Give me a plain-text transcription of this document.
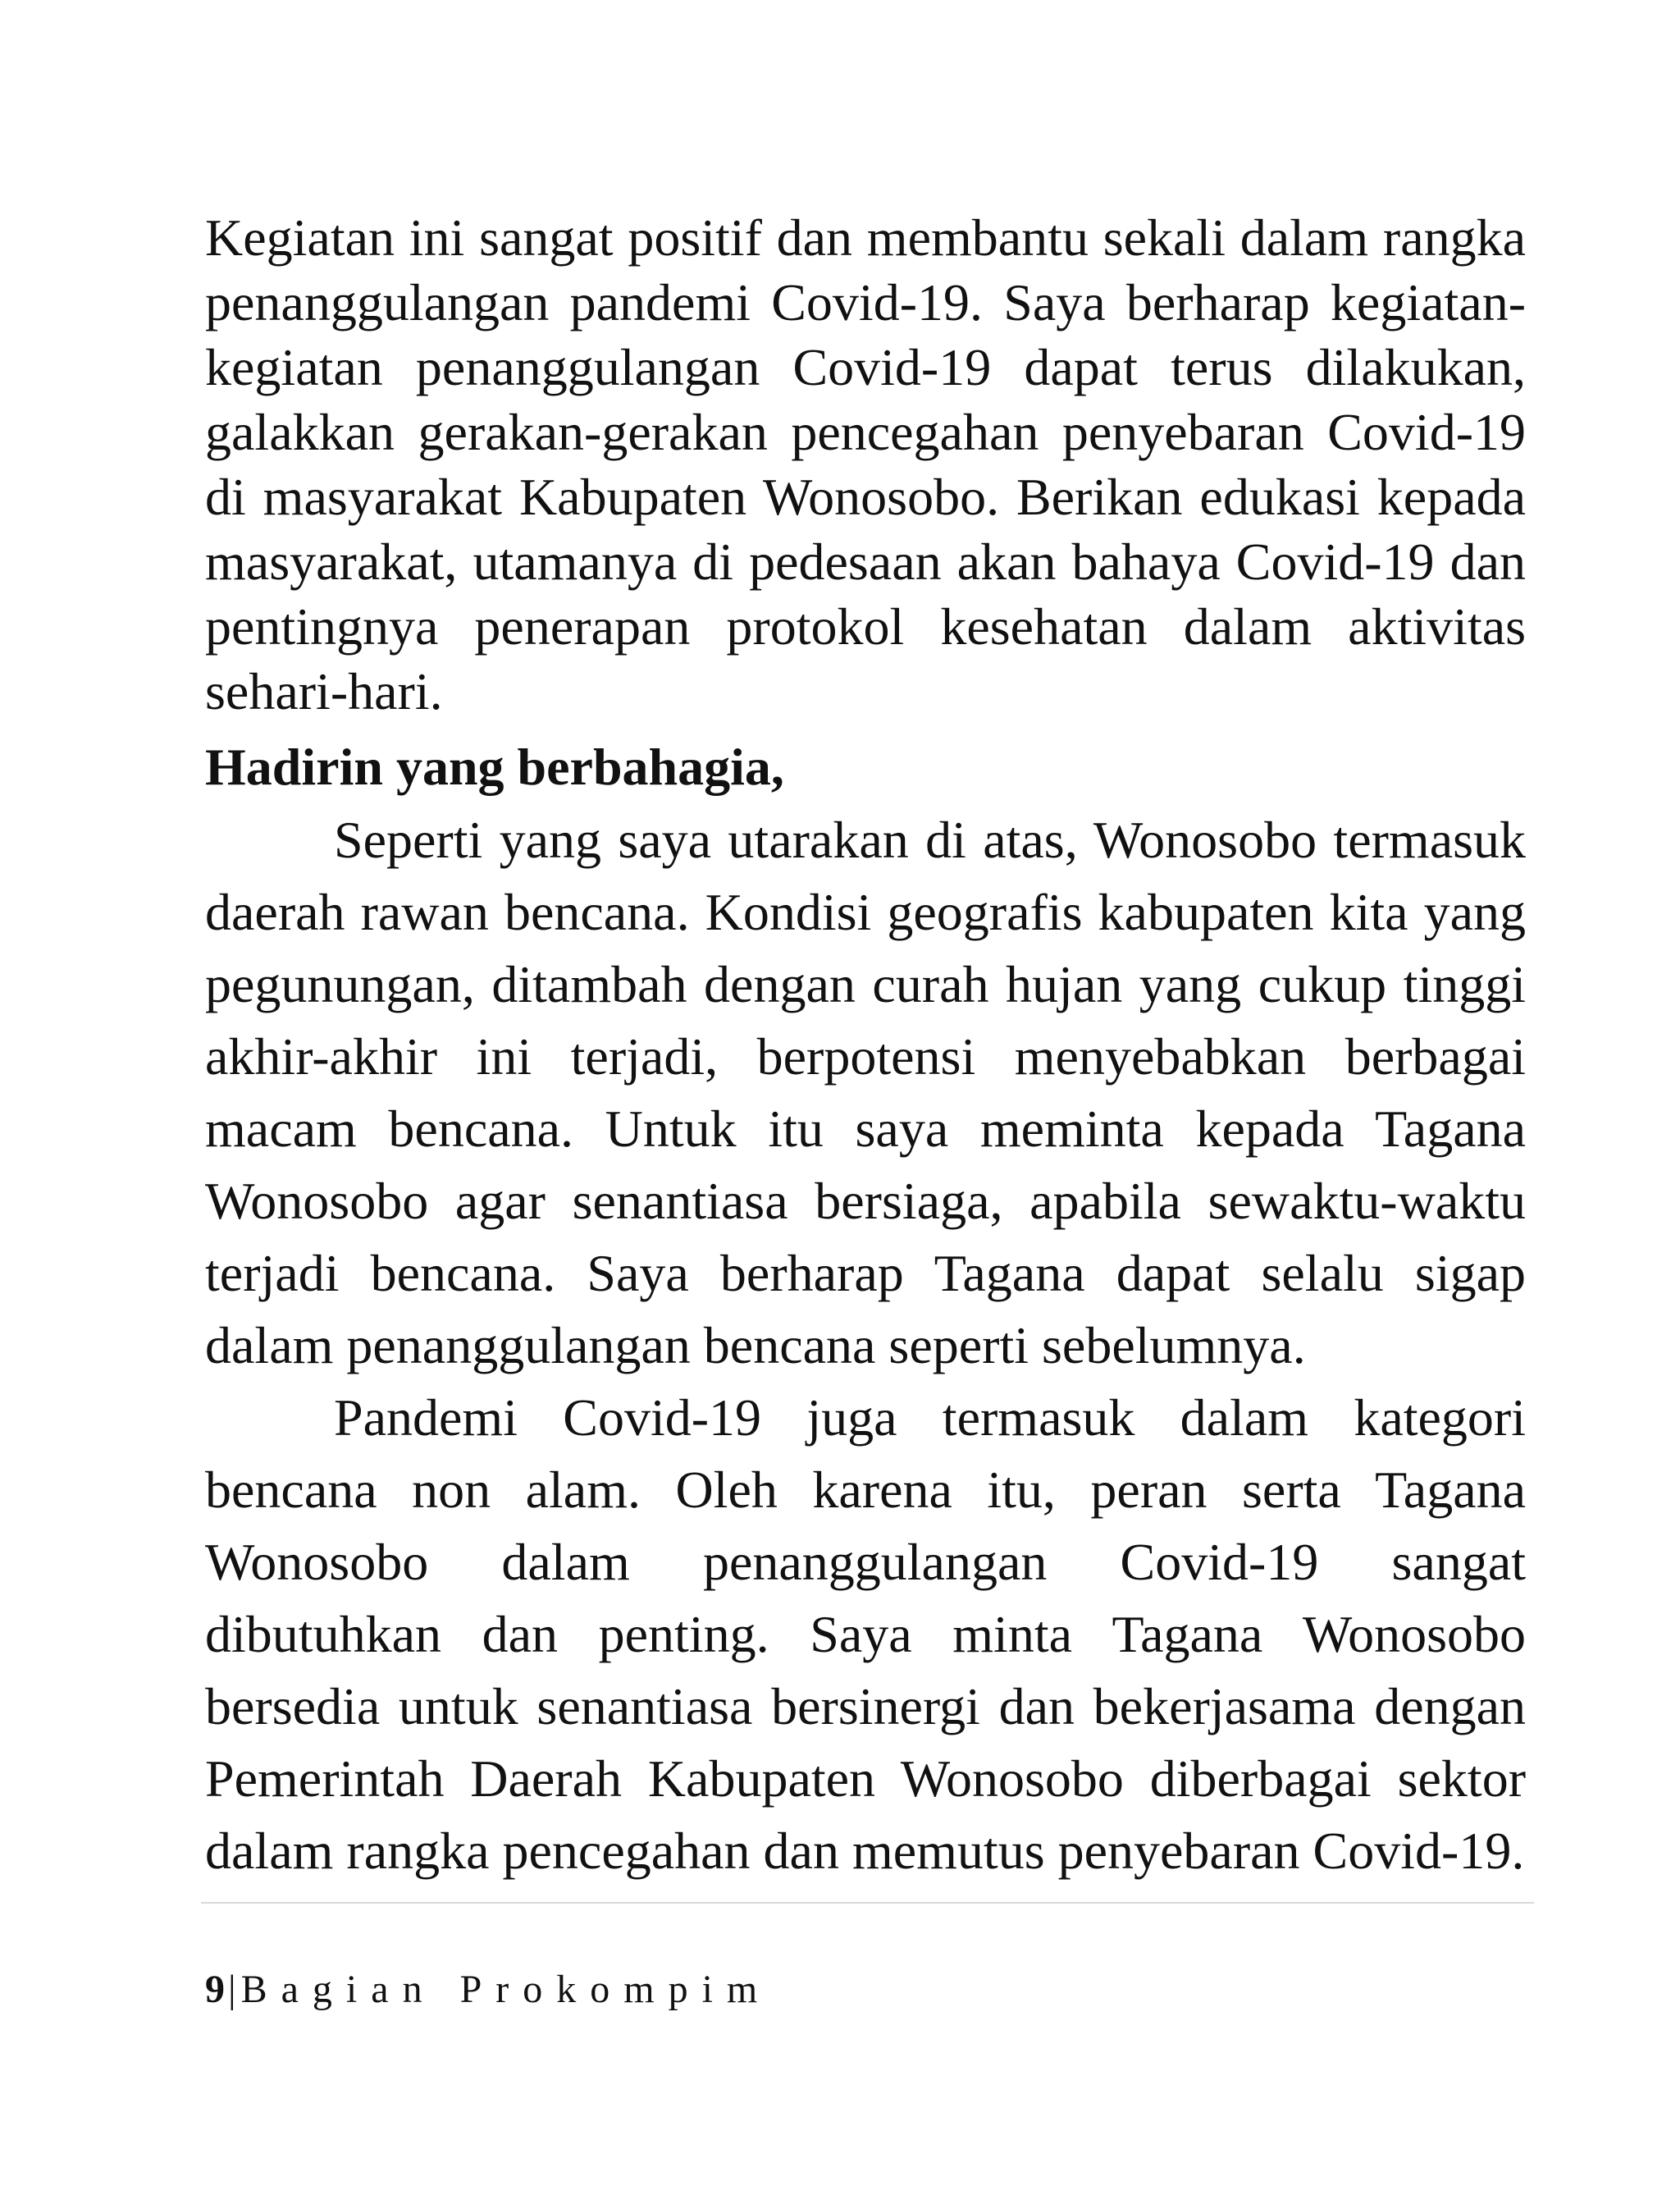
Kegiatan ini sangat positif dan membantu sekali dalam rangka penanggulangan pandemi Covid-19. Saya berharap kegiatan-kegiatan penanggulangan Covid-19 dapat terus dilakukan, galakkan gerakan-gerakan pencegahan penyebaran Covid-19 di masyarakat Kabupaten Wonosobo. Berikan edukasi kepada masyarakat, utamanya di pedesaan akan bahaya Covid-19 dan pentingnya penerapan protokol kesehatan dalam aktivitas sehari-hari.

Hadirin yang berbahagia,

Seperti yang saya utarakan di atas, Wonosobo termasuk daerah rawan bencana. Kondisi geografis kabupaten kita yang pegunungan, ditambah dengan curah hujan yang cukup tinggi akhir-akhir ini terjadi, berpotensi menyebabkan berbagai macam bencana. Untuk itu saya meminta kepada Tagana Wonosobo agar senantiasa bersiaga, apabila sewaktu-waktu terjadi bencana. Saya berharap Tagana dapat selalu sigap dalam penanggulangan bencana seperti sebelumnya.

Pandemi Covid-19 juga termasuk dalam kategori bencana non alam. Oleh karena itu, peran serta Tagana Wonosobo dalam penanggulangan Covid-19 sangat dibutuhkan dan penting. Saya minta Tagana Wonosobo bersedia untuk senantiasa bersinergi dan bekerjasama dengan Pemerintah Daerah Kabupaten Wonosobo diberbagai sektor dalam rangka pencegahan dan memutus penyebaran Covid-19.

9| Bagian Prokompim
